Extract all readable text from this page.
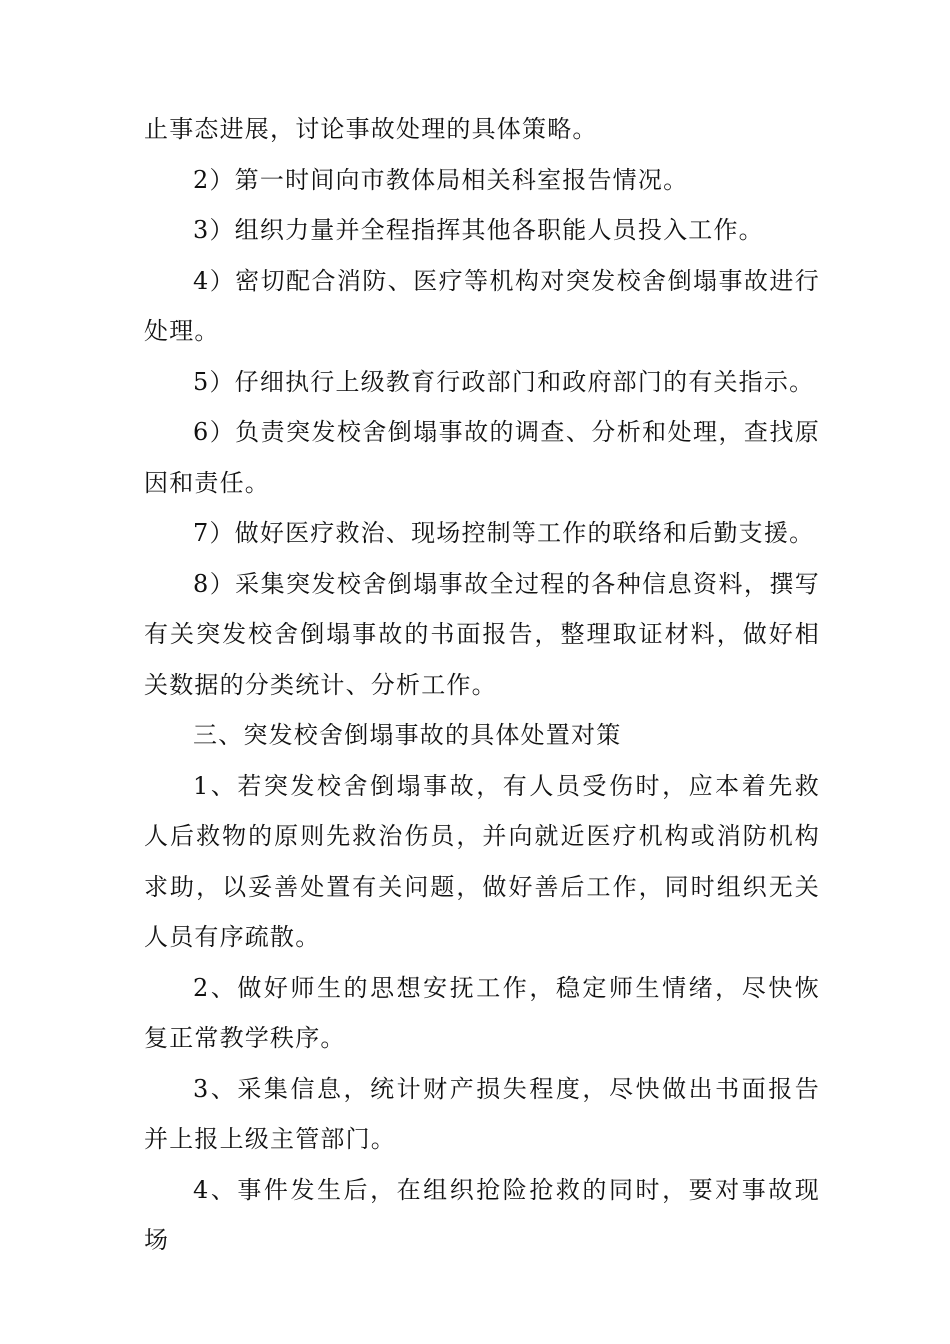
止事态进展，讨论事故处理的具体策略。

2）第一时间向市教体局相关科室报告情况。

3）组织力量并全程指挥其他各职能人员投入工作。

4）密切配合消防、医疗等机构对突发校舍倒塌事故进行处理。

5）仔细执行上级教育行政部门和政府部门的有关指示。

6）负责突发校舍倒塌事故的调查、分析和处理，查找原因和责任。

7）做好医疗救治、现场控制等工作的联络和后勤支援。

8）采集突发校舍倒塌事故全过程的各种信息资料，撰写有关突发校舍倒塌事故的书面报告，整理取证材料，做好相 关数据的分类统计、分析工作。

三、突发校舍倒塌事故的具体处置对策

1、若突发校舍倒塌事故，有人员受伤时，应本着先救 人后救物的原则先救治伤员，并向就近医疗机构或消防机构 求助，以妥善处置有关问题，做好善后工作，同时组织无关 人员有序疏散。

2、做好师生的思想安抚工作，稳定师生情绪，尽快恢 复正常教学秩序。

3、采集信息，统计财产损失程度，尽快做出书面报告 并上报上级主管部门。

4、事件发生后，在组织抢险抢救的同时，要对事故现 场
